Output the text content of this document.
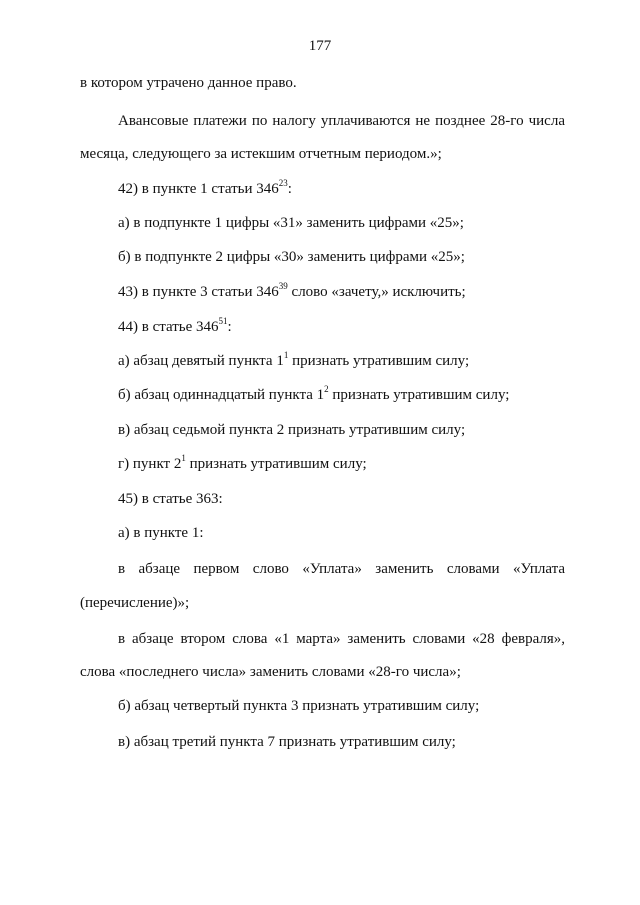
177
в котором утрачено данное право.
Авансовые платежи по налогу уплачиваются не позднее 28-го числа
месяца, следующего за истекшим отчетным периодом.»;
42) в пункте 1 статьи $346^{23}$:
а) в подпункте 1 цифры «31» заменить цифрами «25»;
б) в подпункте 2 цифры «30» заменить цифрами «25»;
43) в пункте 3 статьи $346^{39}$ слово «зачету,» исключить;
44) в статье $346^{51}$:
а) абзац девятый пункта $1^1$ признать утратившим силу;
б) абзац одиннадцатый пункта $1^2$ признать утратившим силу;
в) абзац седьмой пункта 2 признать утратившим силу;
г) пункт $2^1$ признать утратившим силу;
45) в статье 363:
а) в пункте 1:
в абзаце первом слово «Уплата» заменить словами «Уплата
(перечисление)»;
в абзаце втором слова «1 марта» заменить словами «28 февраля»,
слова «последнего числа» заменить словами «28-го числа»;
б) абзац четвертый пункта 3 признать утратившим силу;
в) абзац третий пункта 7 признать утратившим силу;
